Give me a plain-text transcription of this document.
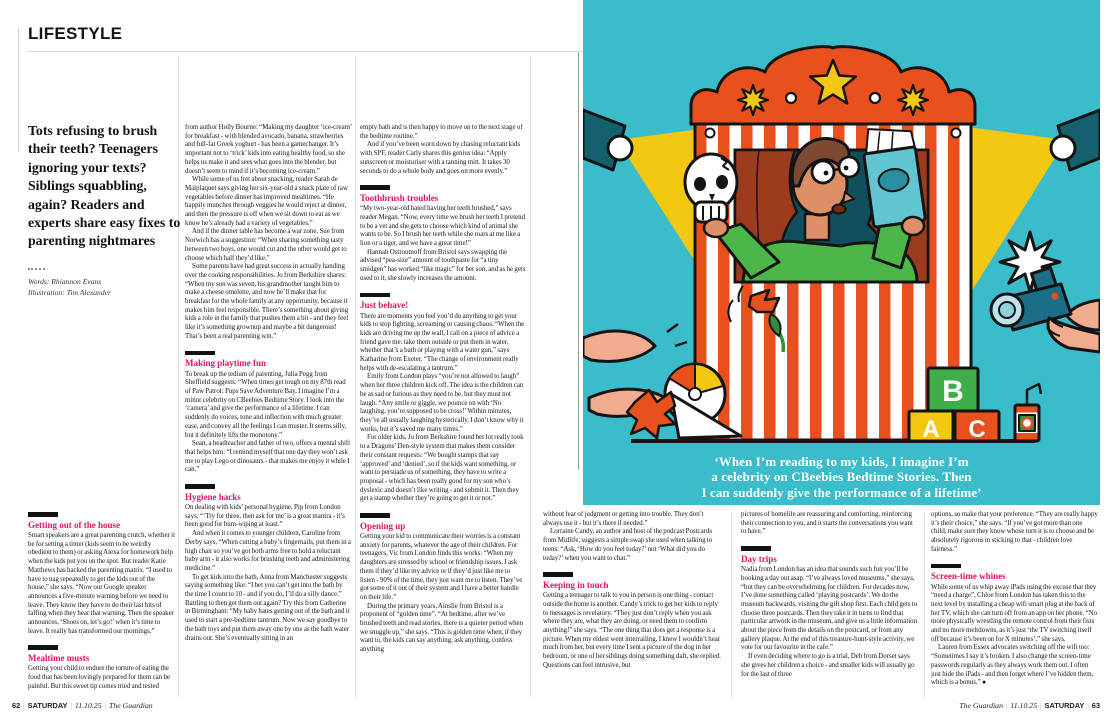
LIFESTYLE
Tots refusing to brush their teeth? Teenagers ignoring your texts? Siblings squabbling, again? Readers and experts share easy fixes to parenting nightmares
Words: Rhiannon Evans
Illustration: Tim Alexander
Getting out of the house

Smart speakers are a great parenting crutch, whether it be for setting a timer (kids seem to be weirdly obedient to them) or asking Alexa for homework help when the kids put you on the spot. But reader Katie Matthews has hacked the parenting matrix. “I used to have to nag repeatedly to get the kids out of the house,” she says. “Now our Google speaker announces a five-minute warning before we need to leave. They know they have to do their last bits of faffing when they hear that warning. Then the speaker announces, ‘Shoes on, let’s go!’ when it’s time to leave. It really has transformed our mornings.”

Mealtime musts

Getting your child to endure the torture of eating the food that has been lovingly prepared for them can be painful. But this sweet tip comes tried and tested

from author Holly Bourne: “Making my daughter ‘ice-cream’ for breakfast - with blended avocado, banana, strawberries and full-fat Greek yoghurt - has been a gamechanger. It’s important not to ‘trick’ kids into eating healthy food, so she helps us make it and sees what goes into the blender, but doesn’t seem to mind if it’s becoming ice-cream.”

While some of us fret about snacking, reader Sarah de Malplaquet says giving her six-year-old a snack plate of raw vegetables before dinner has improved mealtimes. “He happily munches through veggies he would reject at dinner, and then the pressure is off when we sit down to eat as we know he’s already had a variety of vegetables.”

And if the dinner table has become a war zone, Sue from Norwich has a suggestion: “When sharing something tasty between two boys, one would cut and the other would get to choose which half they’d like.”

Some parents have had great success in actually handing over the cooking responsibilities. Jo from Berkshire shares: “When my son was seven, his grandmother taught him to make a cheese omelette, and now he’ll make that for breakfast for the whole family at any opportunity, because it makes him feel responsible. There’s something about giving kids a role in the family that pushes them a bit - and they feel like it’s something grownup and maybe a bit dangerous! That’s been a real parenting win.”

Making playtime fun

To break up the tedium of parenting, Julia Pegg from Sheffield suggests: “When times get tough on my 87th read of Paw Patrol: Pups Save Adventure Bay, I imagine I’m a minor celebrity on CBeebies Bedtime Story. I look into the ‘camera’ and give the performance of a lifetime. I can suddenly do voices, tone and inflection with much greater ease, and convey all the feelings I can muster. It seems silly, but it definitely lifts the monotony.”

Sean, a headteacher and father of two, offers a mental shift that helps him: “I remind myself that one day they won’t ask me to play Lego or dinosaurs - that makes me enjoy it while I can.”

Hygiene hacks

On dealing with kids’ personal hygiene, Pip from London says, “‘Try for three, then ask for me’ is a great mantra - it’s been good for bum-wiping at least.”

And when it comes to younger children, Caroline from Derby says, “When cutting a baby’s fingernails, put them in a high chair so you’ve got both arms free to hold a reluctant baby arm - it also works for brushing teeth and administering medicine.”

To get kids into the bath, Anna from Manchester suggests saying something like: “I bet you can’t get into the bath by the time I count to 10 - and if you do, I’ll do a silly dance.” Battling to then get them out again? Try this from Catherine in Birmingham: “My baby hates getting out of the bath and it used to start a pre-bedtime tantrum. Now we say goodbye to the bath toys and put them away one by one as the bath water drains out. She’s eventually sitting in an

empty bath and is then happy to move on to the next stage of the bedtime routine.”

And if you’ve been worn down by chasing reluctant kids with SPF, reader Carly shares this genius idea: “Apply sunscreen or moisturiser with a tanning mitt. It takes 30 seconds to do a whole body and goes on more evenly.”

Toothbrush troubles

“My two-year-old hated having her teeth brushed,” says reader Megan. “Now, every time we brush her teeth I pretend to be a vet and she gets to choose which kind of animal she wants to be. So I brush her teeth while she roars at me like a lion or a tiger, and we have a great time!”

Hannah Ostroumoff from Bristol says swapping the advised “pea-size” amount of toothpaste for “a tiny smidgen” has worked “like magic” for her son, and as he gets used to it, she slowly increases the amount.

Just behave!

There are moments you feel you’d do anything to get your kids to stop fighting, screaming or causing chaos. “When the kids are driving me up the wall, I call on a piece of advice a friend gave me: take them outside or put them in water, whether that’s a bath or playing with a water gun,” says Katharine from Exeter. “The change of environment really helps with de-escalating a tantrum.”

Emily from London plays “you’re not allowed to laugh” when her three children kick off. The idea is the children can be as sad or furious as they need to be, but they must not laugh. “Any smile or giggle, we pounce on with ‘No laughing, you’re supposed to be cross!’ Within minutes, they’re all usually laughing hysterically. I don’t know why it works, but it’s saved me many times.”

For older kids, Jo from Berkshire found her lot really took to a Dragons’ Den-style system that makes them consider their constant requests: “We bought stamps that say ‘approved’ and ‘denied’, so if the kids want something, or want to persuade us of something, they have to write a proposal - which has been really good for my son who’s dyslexic and doesn’t like writing - and submit it. Then they get a stamp whether they’re going to get it or not.”

Opening up

Getting your kid to communicate their worries is a constant anxiety for parents, whatever the age of their children. For teenagers, Vic from London finds this works: “When my daughters are stressed by school or friendship issues, I ask them if they’d like my advice or if they’d just like me to listen - 90% of the time, they just want me to listen. They’ve got some of it out of their system and I have a better handle on their life.”

During the primary years, Ainslie from Bristol is a proponent of “golden time”. “At bedtime, after we’ve brushed teeth and read stories, there is a quieter period when we snuggle up,” she says. “This is golden time when, if they want to, the kids can say anything, ask anything, confess anything

without fear of judgment or getting into trouble. They don’t always use it - but it’s there if needed.”

Lorraine Candy, an author and host of the podcast Postcards from Midlife, suggests a simple swap she used when talking to teens: “Ask, ‘How do you feel today?’ not ‘What did you do today?’ when you want to chat.”

Keeping in touch

Getting a teenager to talk to you in person is one thing - contact outside the home is another. Candy’s trick to get her kids to reply to messages is revelatory. “They just don’t reply when you ask where they are, what they are doing, or need them to confirm anything!” she says. “The one thing that does get a response is a picture. When my eldest went interrailing, I knew I wouldn’t hear much from her, but every time I sent a picture of the dog in her bedroom, or one of her siblings doing something daft, she replied. Questions can feel intrusive, but

pictures of homelife are reassuring and comforting, reinforcing their connection to you, and it starts the conversations you want to have.”

Day trips

Nadia from London has an idea that sounds such fun you’ll be booking a day out asap. “I’ve always loved museums,” she says, “but they can be overwhelming for children. For decades now, I’ve done something called ‘playing postcards’. We do the museum backwards, visiting the gift shop first. Each child gets to choose three postcards. Then they take it in turns to find that particular artwork in the museum, and give us a little information about the piece from the details on the postcard, or from any gallery plaque. At the end of this treasure-hunt-style activity, we vote for our favourite in the cafe.”

If even deciding where to go is a trial, Deb from Dorset says she gives her children a choice - and smaller kids will usually go for the last of three

options, so make that your preference. “They are really happy it’s their choice,” she says. “If you’ve got more than one child, make sure they know whose turn it is to choose and be absolutely rigorous in sticking to that - children love fairness.”

Screen-time whines

While some of us whip away iPads using the excuse that they “need a charge”, Chloe from London has taken this to the next level by installing a cheap wifi smart plug at the back of her TV, which she can turn off from an app on her phone. “No more physically wrestling the remote control from their fists and no more meltdowns, as it’s just ‘the TV switching itself off because it’s been on for X minutes’,” she says.

Lauren from Essex advocates switching off the wifi too: “Sometimes I say it’s broken. I also change the screen-time passwords regularly as they always work them out. I often just hide the iPads - and then forget where I’ve hidden them, which is a bonus.” ●

62 | SATURDAY | 11.10.25 | The Guardian	The Guardian | 11.10.25 | SATURDAY | 63
B
A C
‘When I’m reading to my kids, I imagine I’m
a celebrity on CBeebies Bedtime Stories. Then
I can suddenly give the performance of a lifetime’
